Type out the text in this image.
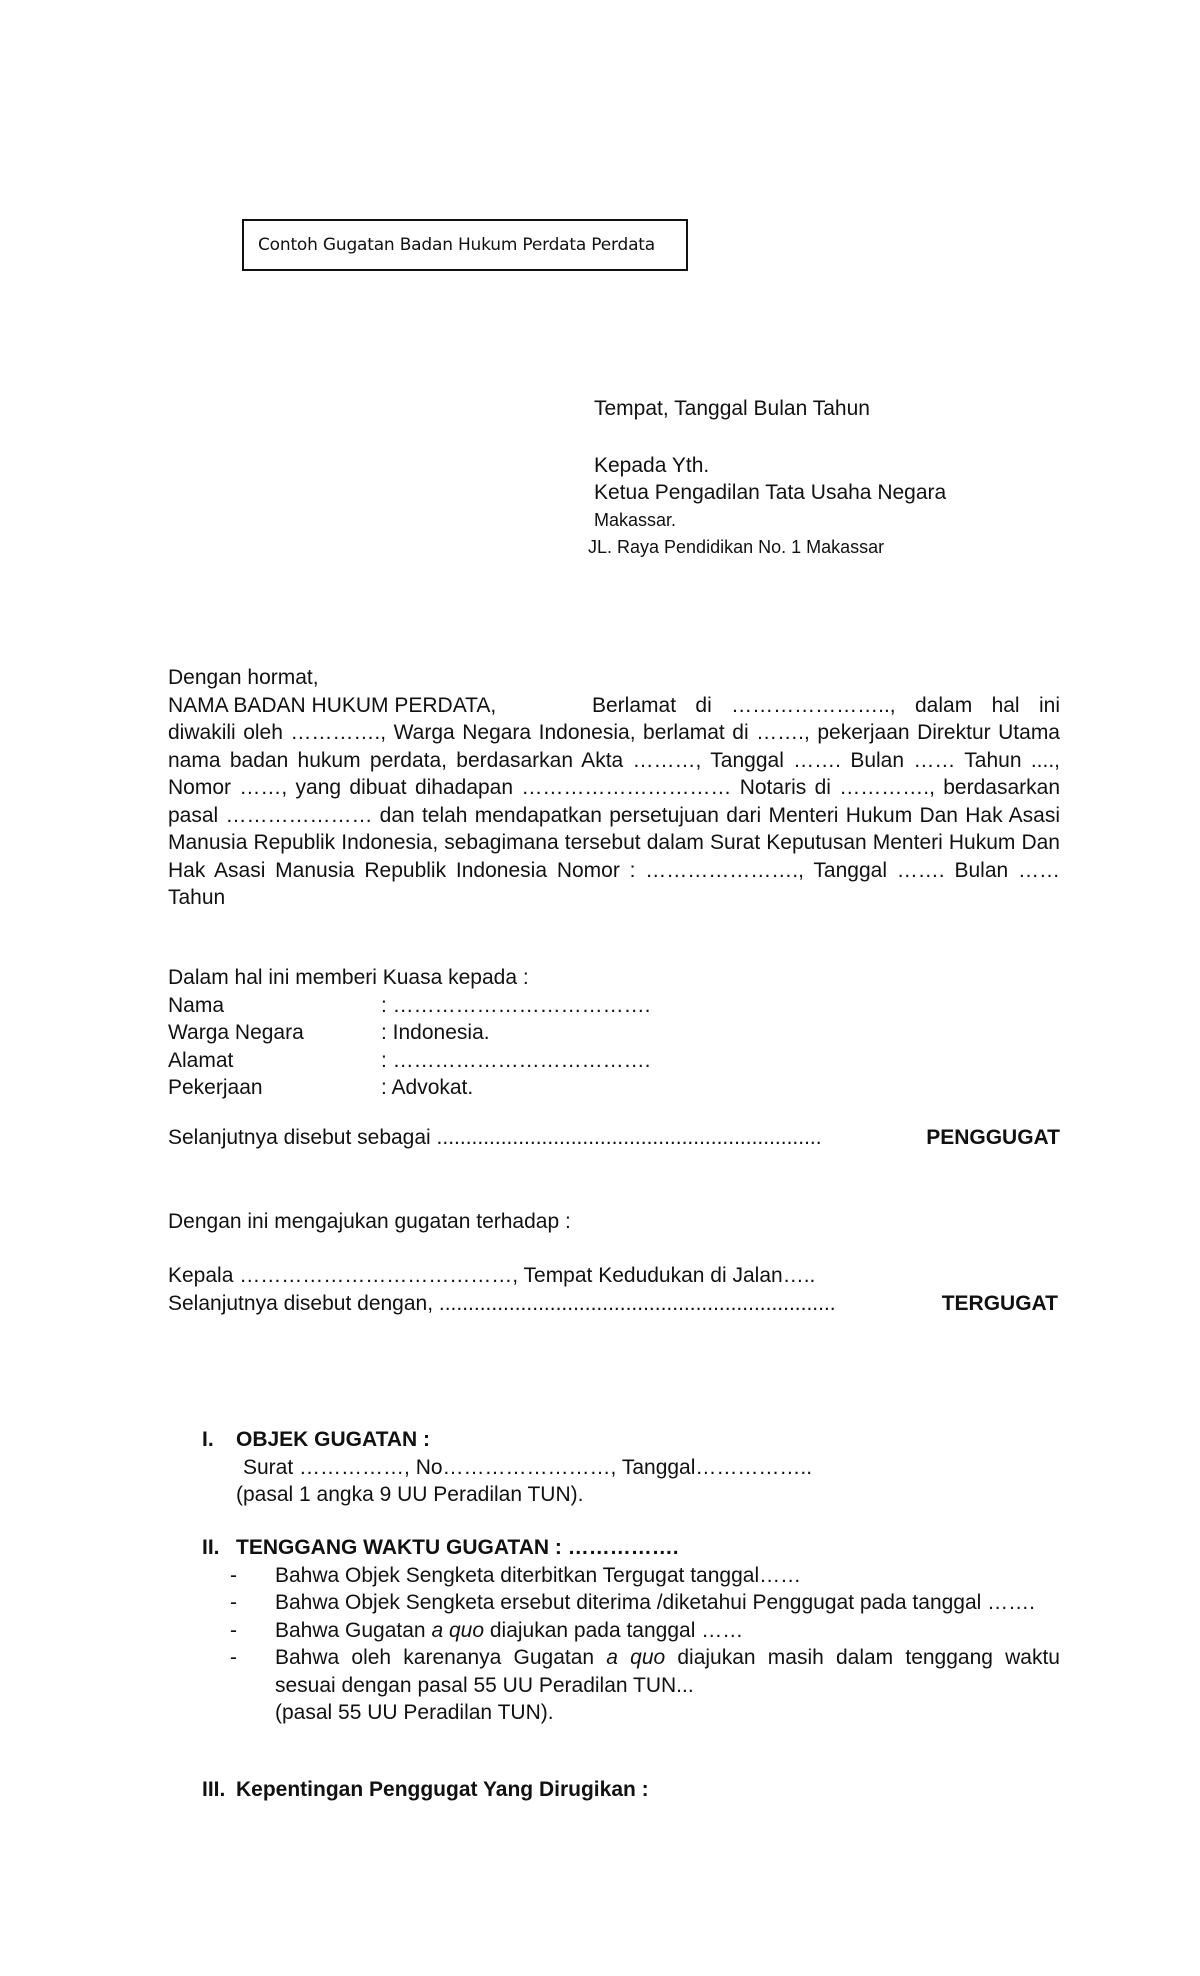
Contoh Gugatan Badan Hukum Perdata Perdata
Tempat, Tanggal Bulan Tahun
Kepada Yth.
Ketua Pengadilan Tata Usaha Negara
Makassar.
JL. Raya Pendidikan No. 1 Makassar
Dengan hormat,
NAMA BADAN HUKUM PERDATA,	Berlamat di ………………….., dalam hal ini
diwakili oleh …………., Warga Negara Indonesia, berlamat di ……., pekerjaan Direktur Utama nama badan hukum perdata, berdasarkan Akta ………, Tanggal ……. Bulan …… Tahun ...., Nomor ……, yang dibuat dihadapan ………………………… Notaris di …………., berdasarkan pasal ………………… dan telah mendapatkan persetujuan dari Menteri Hukum Dan Hak Asasi Manusia Republik Indonesia, sebagimana tersebut dalam Surat Keputusan Menteri Hukum Dan Hak Asasi Manusia Republik Indonesia Nomor : …………………., Tanggal ……. Bulan …… Tahun
Dalam hal ini memberi Kuasa kepada :
Nama	: ……………………………….
Warga Negara	: Indonesia.
Alamat	: ……………………………….
Pekerjaan	: Advokat.
Selanjutnya disebut sebagai ..................................................................	PENGGUGAT
Dengan ini mengajukan gugatan terhadap :
Kepala …………………………………, Tempat Kedudukan di Jalan…..
Selanjutnya disebut dengan, ....................................................................	TERGUGAT
I.	OBJEK GUGATAN :
Surat ……………, No……………………, Tanggal……………..
(pasal 1 angka 9 UU Peradilan TUN).
II. TENGGANG WAKTU GUGATAN : …………….
- Bahwa Objek Sengketa diterbitkan Tergugat tanggal……
- Bahwa Objek Sengketa ersebut diterima /diketahui Penggugat pada tanggal …….
- Bahwa Gugatan a quo diajukan pada tanggal ……
- Bahwa oleh karenanya Gugatan a quo diajukan masih dalam tenggang waktu sesuai dengan pasal 55 UU Peradilan TUN...
(pasal 55 UU Peradilan TUN).
III. Kepentingan Penggugat Yang Dirugikan :
